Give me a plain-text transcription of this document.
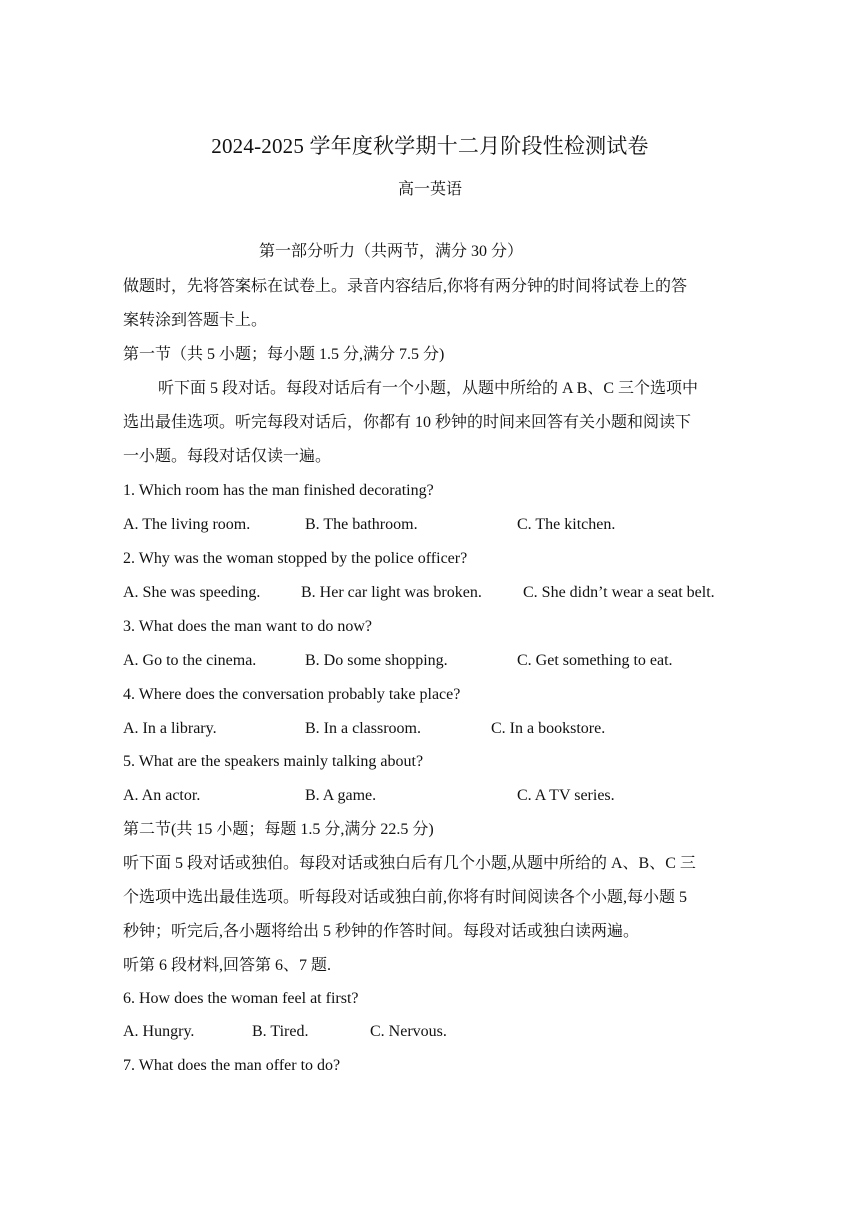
2024-2025 学年度秋学期十二月阶段性检测试卷
高一英语
第一部分听力（共两节，满分 30 分）
做题时，先将答案标在试卷上。录音内容结后,你将有两分钟的时间将试卷上的答
案转涂到答题卡上。
第一节（共 5 小题；每小题 1.5 分,满分 7.5 分)
听下面 5 段对话。每段对话后有一个小题，从题中所给的 A B、C 三个选项中
选出最佳选项。听完每段对话后，你都有 10 秒钟的时间来回答有关小题和阅读下
一小题。每段对话仅读一遍。
1. Which room has the man finished decorating?
A. The living room.	B. The bathroom.	C. The kitchen.
2. Why was the woman stopped by the police officer?
A. She was speeding.	B. Her car light was broken.	C. She didn’t wear a seat belt.
3. What does the man want to do now?
A. Go to the cinema.	B. Do some shopping.	C. Get something to eat.
4. Where does the conversation probably take place?
A. In a library.	B. In a classroom.	C. In a bookstore.
5. What are the speakers mainly talking about?
A. An actor.	B. A game.	C. A TV series.
第二节(共 15 小题；每题 1.5 分,满分 22.5 分)
听下面 5 段对话或独伯。每段对话或独白后有几个小题,从题中所给的 A、B、C 三
个选项中选出最佳选项。听每段对话或独白前,你将有时间阅读各个小题,每小题 5
秒钟；听完后,各小题将给出 5 秒钟的作答时间。每段对话或独白读两遍。
听第 6 段材料,回答第 6、7 题.
6. How does the woman feel at first?
A. Hungry.	B. Tired.	C. Nervous.
7. What does the man offer to do?
